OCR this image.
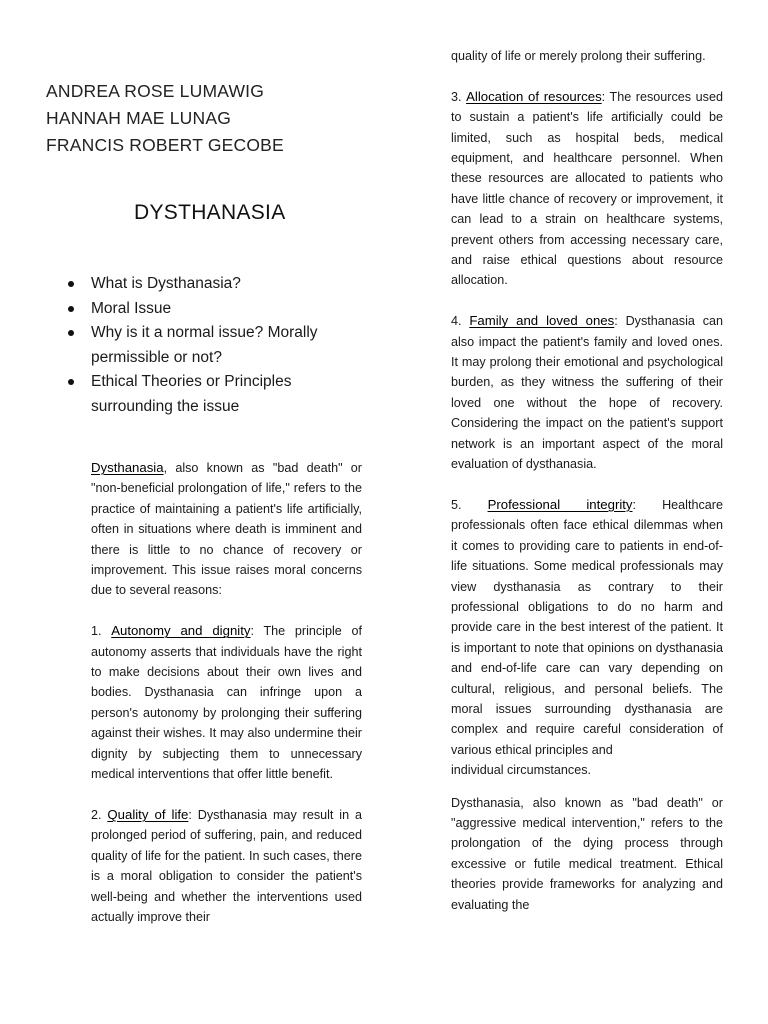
ANDREA ROSE LUMAWIG
HANNAH MAE LUNAG
FRANCIS ROBERT GECOBE
DYSTHANASIA
What is Dysthanasia?
Moral Issue
Why is it a normal issue? Morally permissible or not?
Ethical Theories or Principles surrounding the issue

Dysthanasia, also known as "bad death" or "non-beneficial prolongation of life," refers to the practice of maintaining a patient's life artificially, often in situations where death is imminent and there is little to no chance of recovery or improvement. This issue raises moral concerns due to several reasons:

1. Autonomy and dignity: The principle of autonomy asserts that individuals have the right to make decisions about their own lives and bodies. Dysthanasia can infringe upon a person's autonomy by prolonging their suffering against their wishes. It may also undermine their dignity by subjecting them to unnecessary medical interventions that offer little benefit.

2. Quality of life: Dysthanasia may result in a prolonged period of suffering, pain, and reduced quality of life for the patient. In such cases, there is a moral obligation to consider the patient's well-being and whether the interventions used actually improve their

quality of life or merely prolong their suffering.

3. Allocation of resources: The resources used to sustain a patient's life artificially could be limited, such as hospital beds, medical equipment, and healthcare personnel. When these resources are allocated to patients who have little chance of recovery or improvement, it can lead to a strain on healthcare systems, prevent others from accessing necessary care, and raise ethical questions about resource allocation.

4. Family and loved ones: Dysthanasia can also impact the patient's family and loved ones. It may prolong their emotional and psychological burden, as they witness the suffering of their loved one without the hope of recovery. Considering the impact on the patient's support network is an important aspect of the moral evaluation of dysthanasia.

5. Professional integrity: Healthcare professionals often face ethical dilemmas when it comes to providing care to patients in end-of-life situations. Some medical professionals may view dysthanasia as contrary to their professional obligations to do no harm and provide care in the best interest of the patient. It is important to note that opinions on dysthanasia and end-of-life care can vary depending on cultural, religious, and personal beliefs. The moral issues surrounding dysthanasia are complex and require careful consideration of various ethical principles and

individual circumstances.

Dysthanasia, also known as "bad death" or "aggressive medical intervention," refers to the prolongation of the dying process through excessive or futile medical treatment. Ethical theories provide frameworks for analyzing and evaluating the
